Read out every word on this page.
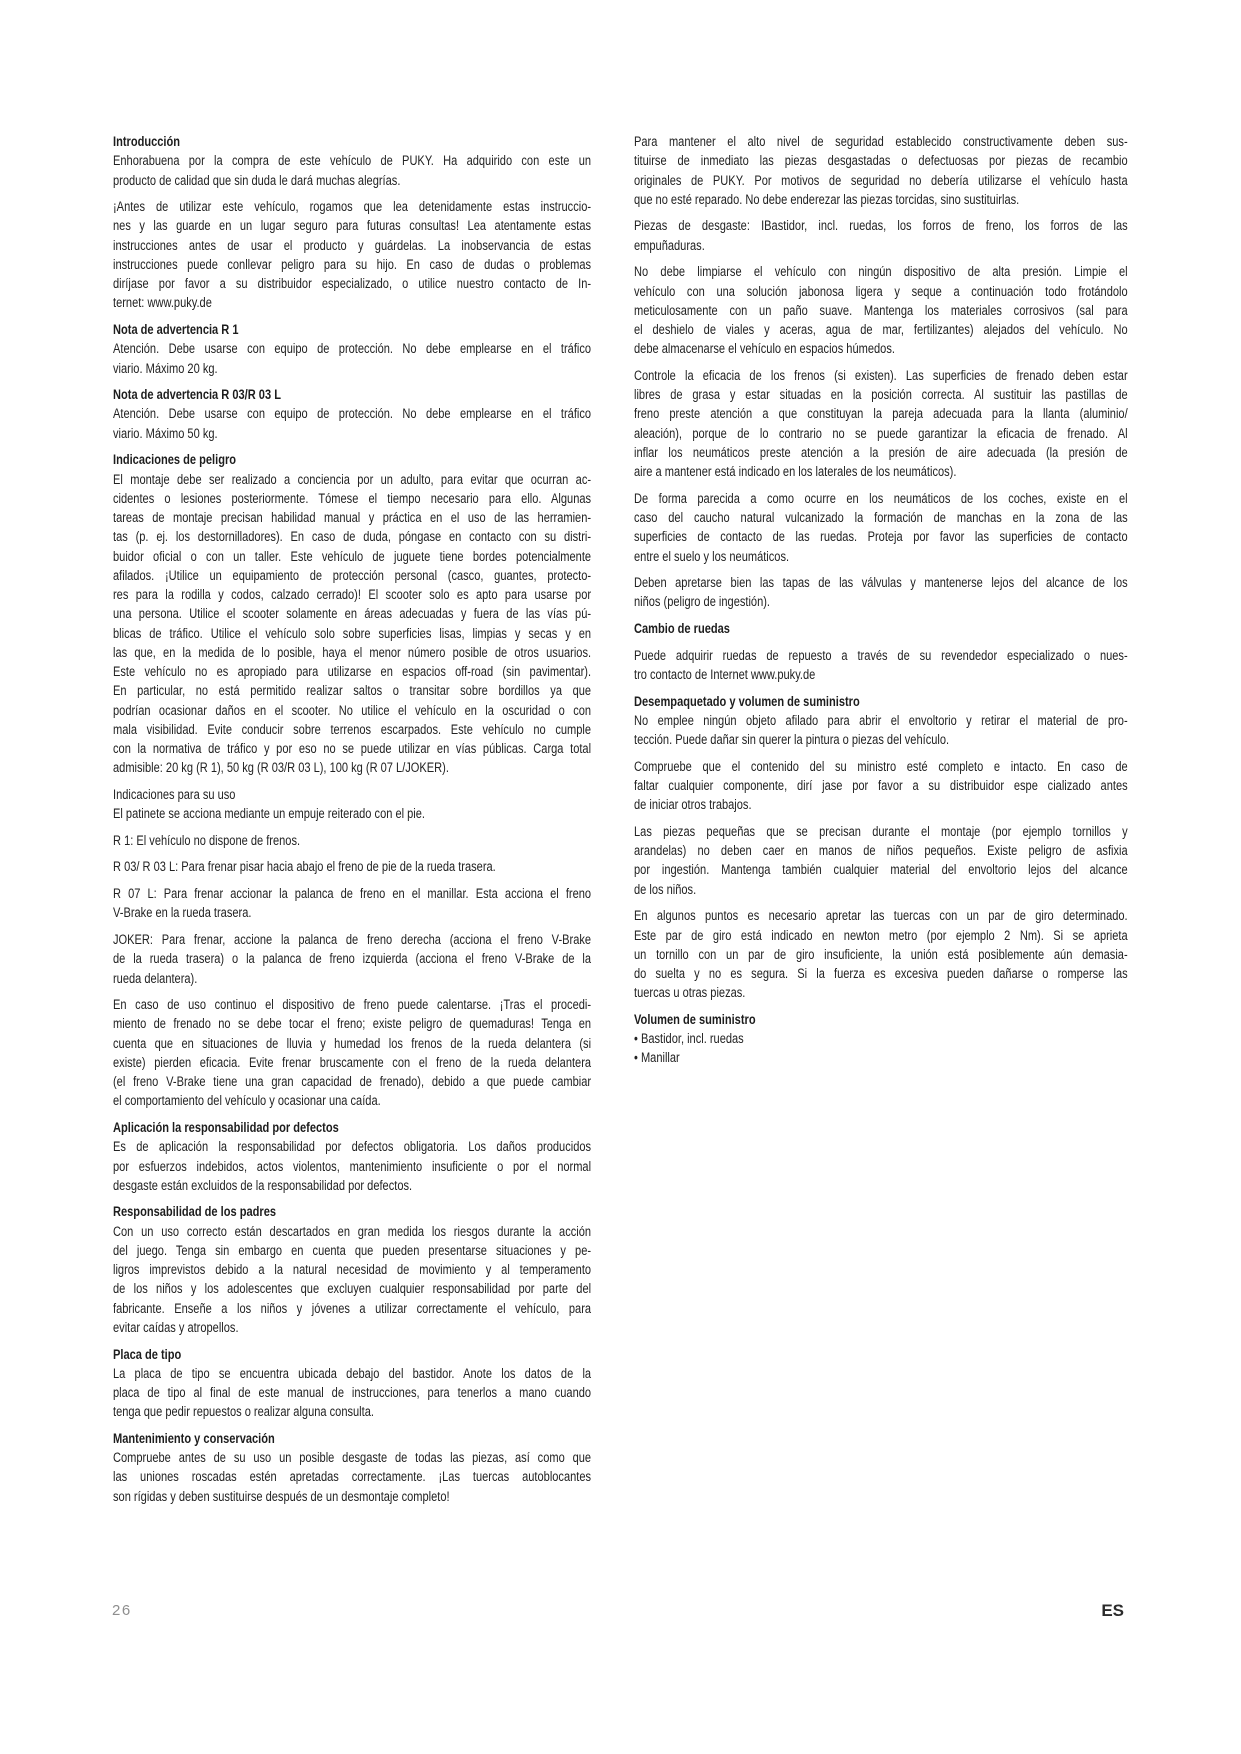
Introducción
Enhorabuena por la compra de este vehículo de PUKY. Ha adquirido con este un
producto de calidad que sin duda le dará muchas alegrías.
¡Antes de utilizar este vehículo, rogamos que lea detenidamente estas instruccio-
nes y las guarde en un lugar seguro para futuras consultas! Lea atentamente estas
instrucciones antes de usar el producto y guárdelas. La inobservancia de estas
instrucciones puede conllevar peligro para su hijo. En caso de dudas o problemas
diríjase por favor a su distribuidor especializado, o utilice nuestro contacto de In-
ternet: www.puky.de
Nota de advertencia R 1
Atención. Debe usarse con equipo de protección. No debe emplearse en el tráfico
viario. Máximo 20 kg.
Nota de advertencia R 03/R 03 L
Atención. Debe usarse con equipo de protección. No debe emplearse en el tráfico
viario. Máximo 50 kg.
Indicaciones de peligro
El montaje debe ser realizado a conciencia por un adulto, para evitar que ocurran ac-
cidentes o lesiones posteriormente. Tómese el tiempo necesario para ello. Algunas
tareas de montaje precisan habilidad manual y práctica en el uso de las herramien-
tas (p. ej. los destornilladores). En caso de duda, póngase en contacto con su distri-
buidor oficial o con un taller. Este vehículo de juguete tiene bordes potencialmente
afilados. ¡Utilice un equipamiento de protección personal (casco, guantes, protecto-
res para la rodilla y codos, calzado cerrado)! El scooter solo es apto para usarse por
una persona. Utilice el scooter solamente en áreas adecuadas y fuera de las vías pú-
blicas de tráfico. Utilice el vehículo solo sobre superficies lisas, limpias y secas y en
las que, en la medida de lo posible, haya el menor número posible de otros usuarios.
Este vehículo no es apropiado para utilizarse en espacios off-road (sin pavimentar).
En particular, no está permitido realizar saltos o transitar sobre bordillos ya que
podrían ocasionar daños en el scooter. No utilice el vehículo en la oscuridad o con
mala visibilidad. Evite conducir sobre terrenos escarpados. Este vehículo no cumple
con la normativa de tráfico y por eso no se puede utilizar en vías públicas. Carga total
admisible: 20 kg (R 1), 50 kg (R 03/R 03 L), 100 kg (R 07 L/JOKER).
Indicaciones para su uso
El patinete se acciona mediante un empuje reiterado con el pie.
R 1: El vehículo no dispone de frenos.
R 03/ R 03 L: Para frenar pisar hacia abajo el freno de pie de la rueda trasera.
R 07 L: Para frenar accionar la palanca de freno en el manillar. Esta acciona el freno
V-Brake en la rueda trasera.
JOKER: Para frenar, accione la palanca de freno derecha (acciona el freno V-Brake
de la rueda trasera) o la palanca de freno izquierda (acciona el freno V-Brake de la
rueda delantera).
En caso de uso continuo el dispositivo de freno puede calentarse. ¡Tras el procedi-
miento de frenado no se debe tocar el freno; existe peligro de quemaduras! Tenga en
cuenta que en situaciones de lluvia y humedad los frenos de la rueda delantera (si
existe) pierden eficacia. Evite frenar bruscamente con el freno de la rueda delantera
(el freno V-Brake tiene una gran capacidad de frenado), debido a que puede cambiar
el comportamiento del vehículo y ocasionar una caída.
Aplicación la responsabilidad por defectos
Es de aplicación la responsabilidad por defectos obligatoria. Los daños producidos
por esfuerzos indebidos, actos violentos, mantenimiento insuficiente o por el normal
desgaste están excluidos de la responsabilidad por defectos.
Responsabilidad de los padres
Con un uso correcto están descartados en gran medida los riesgos durante la acción
del juego. Tenga sin embargo en cuenta que pueden presentarse situaciones y pe-
ligros imprevistos debido a la natural necesidad de movimiento y al temperamento
de los niños y los adolescentes que excluyen cualquier responsabilidad por parte del
fabricante. Enseñe a los niños y jóvenes a utilizar correctamente el vehículo, para
evitar caídas y atropellos.
Placa de tipo
La placa de tipo se encuentra ubicada debajo del bastidor. Anote los datos de la
placa de tipo al final de este manual de instrucciones, para tenerlos a mano cuando
tenga que pedir repuestos o realizar alguna consulta.
Mantenimiento y conservación
Compruebe antes de su uso un posible desgaste de todas las piezas, así como que
las uniones roscadas estén apretadas correctamente. ¡Las tuercas autoblocantes
son rígidas y deben sustituirse después de un desmontaje completo!
Para mantener el alto nivel de seguridad establecido constructivamente deben sus-
tituirse de inmediato las piezas desgastadas o defectuosas por piezas de recambio
originales de PUKY. Por motivos de seguridad no debería utilizarse el vehículo hasta
que no esté reparado. No debe enderezar las piezas torcidas, sino sustituirlas.
Piezas de desgaste: IBastidor, incl. ruedas, los forros de freno, los forros de las
empuñaduras.
No debe limpiarse el vehículo con ningún dispositivo de alta presión. Limpie el
vehículo con una solución jabonosa ligera y seque a continuación todo frotándolo
meticulosamente con un paño suave. Mantenga los materiales corrosivos (sal para
el deshielo de viales y aceras, agua de mar, fertilizantes) alejados del vehículo. No
debe almacenarse el vehículo en espacios húmedos.
Controle la eficacia de los frenos (si existen). Las superficies de frenado deben estar
libres de grasa y estar situadas en la posición correcta. Al sustituir las pastillas de
freno preste atención a que constituyan la pareja adecuada para la llanta (aluminio/
aleación), porque de lo contrario no se puede garantizar la eficacia de frenado. Al
inflar los neumáticos preste atención a la presión de aire adecuada (la presión de
aire a mantener está indicado en los laterales de los neumáticos).
De forma parecida a como ocurre en los neumáticos de los coches, existe en el
caso del caucho natural vulcanizado la formación de manchas en la zona de las
superficies de contacto de las ruedas. Proteja por favor las superficies de contacto
entre el suelo y los neumáticos.
Deben apretarse bien las tapas de las válvulas y mantenerse lejos del alcance de los
niños (peligro de ingestión).
Cambio de ruedas
Puede adquirir ruedas de repuesto a través de su revendedor especializado o nues-
tro contacto de Internet www.puky.de
Desempaquetado y volumen de suministro
No emplee ningún objeto afilado para abrir el envoltorio y retirar el material de pro-
tección. Puede dañar sin querer la pintura o piezas del vehículo.
Compruebe que el contenido del su ministro esté completo e intacto. En caso de
faltar cualquier componente, dirí jase por favor a su distribuidor espe cializado antes
de iniciar otros trabajos.
Las piezas pequeñas que se precisan durante el montaje (por ejemplo tornillos y
arandelas) no deben caer en manos de niños pequeños. Existe peligro de asfixia
por ingestión. Mantenga también cualquier material del envoltorio lejos del alcance
de los niños.
En algunos puntos es necesario apretar las tuercas con un par de giro determinado.
Este par de giro está indicado en newton metro (por ejemplo 2 Nm). Si se aprieta
un tornillo con un par de giro insuficiente, la unión está posiblemente aún demasia-
do suelta y no es segura. Si la fuerza es excesiva pueden dañarse o romperse las
tuercas u otras piezas.
Volumen de suministro
• Bastidor, incl. ruedas
• Manillar
26	ES
